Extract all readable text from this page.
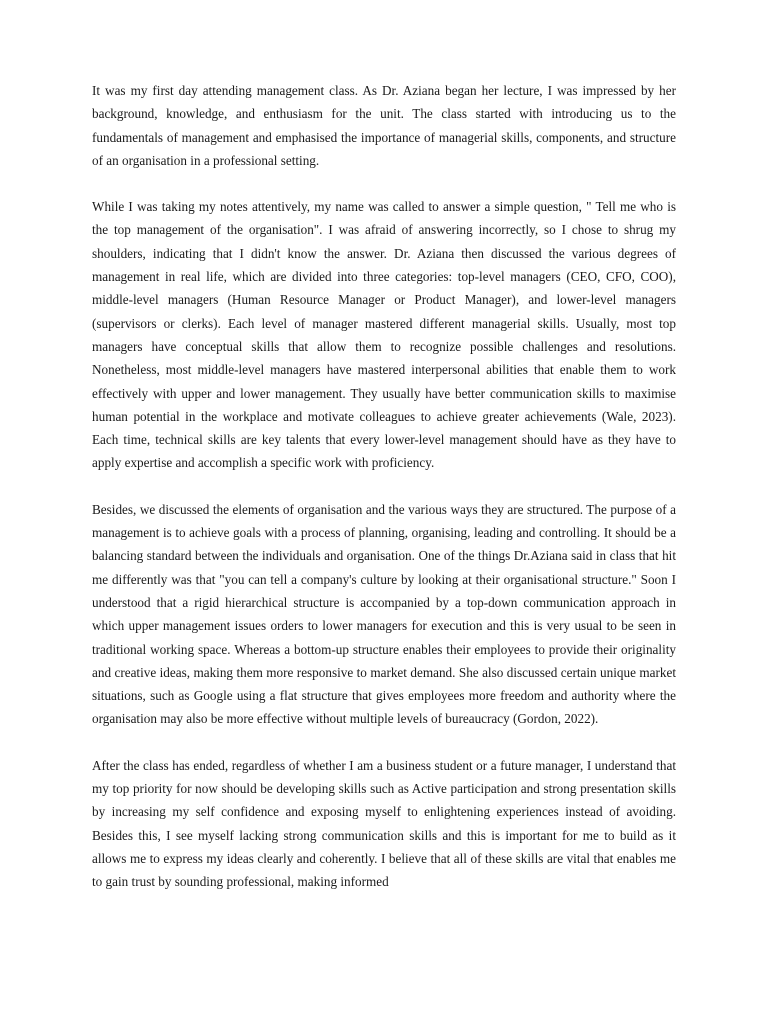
It was my first day attending management class. As Dr. Aziana began her lecture, I was impressed by her background, knowledge, and enthusiasm for the unit. The class started with introducing us to the fundamentals of management and emphasised the importance of managerial skills, components, and structure of an organisation in a professional setting.

While I was taking my notes attentively, my name was called to answer a simple question, " Tell me who is the top management of the organisation". I was afraid of answering incorrectly, so I chose to shrug my shoulders, indicating that I didn't know the answer. Dr. Aziana then discussed the various degrees of management in real life, which are divided into three categories: top-level managers (CEO, CFO, COO), middle-level managers (Human Resource Manager or Product Manager), and lower-level managers (supervisors or clerks). Each level of manager mastered different managerial skills. Usually, most top managers have conceptual skills that allow them to recognize possible challenges and resolutions. Nonetheless, most middle-level managers have mastered interpersonal abilities that enable them to work effectively with upper and lower management. They usually have better communication skills to maximise human potential in the workplace and motivate colleagues to achieve greater achievements (Wale, 2023). Each time, technical skills are key talents that every lower-level management should have as they have to apply expertise and accomplish a specific work with proficiency.

Besides, we discussed the elements of organisation and the various ways they are structured. The purpose of a management is to achieve goals with a process of planning, organising, leading and controlling. It should be a balancing standard between the individuals and organisation. One of the things Dr.Aziana said in class that hit me differently was that "you can tell a company's culture by looking at their organisational structure." Soon I understood that a rigid hierarchical structure is accompanied by a top-down communication approach in which upper management issues orders to lower managers for execution and this is very usual to be seen in traditional working space. Whereas a bottom-up structure enables their employees to provide their originality and creative ideas, making them more responsive to market demand. She also discussed certain unique market situations, such as Google using a flat structure that gives employees more freedom and authority where the organisation may also be more effective without multiple levels of bureaucracy (Gordon, 2022).

After the class has ended, regardless of whether I am a business student or a future manager, I understand that my top priority for now should be developing skills such as Active participation and strong presentation skills by increasing my self confidence and exposing myself to enlightening experiences instead of avoiding. Besides this, I see myself lacking strong communication skills and this is important for me to build as it allows me to express my ideas clearly and coherently. I believe that all of these skills are vital that enables me to gain trust by sounding professional, making informed
